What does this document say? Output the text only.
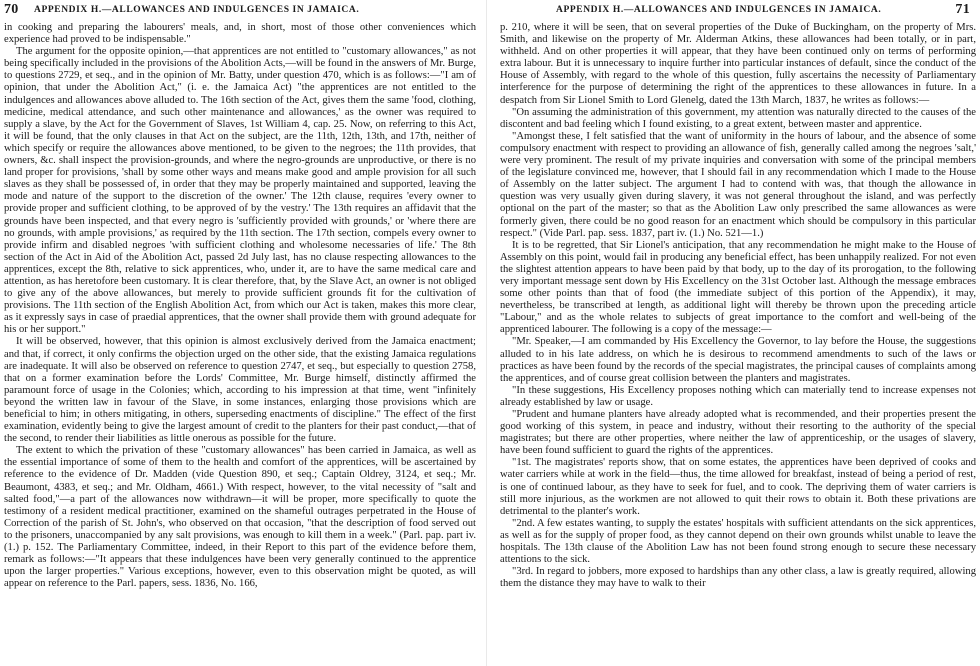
70 APPENDIX H.—ALLOWANCES AND INDULGENCES IN JAMAICA.

in cooking and preparing the labourers' meals, and, in short, most of those other conveniences which experience had proved to be indispensable."

The argument for the opposite opinion,—that apprentices are not entitled to "customary allowances," as not being specifically included in the provisions of the Abolition Acts,—will be found in the answers of Mr. Burge, to questions 2729, et seq., and in the opinion of Mr. Batty, under question 470, which is as follows:—"I am of opinion, that under the Abolition Act," (i. e. the Jamaica Act) "the apprentices are not entitled to the indulgences and allowances above alluded to. The 16th section of the Act, gives them the same 'food, clothing, medicine, medical attendance, and such other maintenance and allowances,' as the owner was required to supply a slave, by the Act for the Government of Slaves, 1st William 4, cap. 25. Now, on referring to this Act, it will be found, that the only clauses in that Act on the subject, are the 11th, 12th, 13th, and 17th, neither of which specify or require the allowances above mentioned, to be given to the negroes; the 11th provides, that owners, &c. shall inspect the provision-grounds, and where the negro-grounds are unproductive, or there is no land proper for provisions, 'shall by some other ways and means make good and ample provision for all such slaves as they shall be possessed of, in order that they may be properly maintained and supported, leaving the mode and nature of the support to the discretion of the owner.' The 12th clause, requires 'every owner to provide proper and sufficient clothing, to be approved of by the vestry.' The 13th requires an affidavit that the grounds have been inspected, and that every negro is 'sufficiently provided with grounds,' or 'where there are no grounds, with ample provisions,' as required by the 11th section. The 17th section, compels every owner to provide infirm and disabled negroes 'with sufficient clothing and wholesome necessaries of life.' The 8th section of the Act in Aid of the Abolition Act, passed 2d July last, has no clause respecting allowances to the apprentices, except the 8th, relative to sick apprentices, who, under it, are to have the same medical care and attention, as has heretofore been customary. It is clear therefore, that, by the Slave Act, an owner is not obliged to give any of the above allowances, but merely to provide sufficient grounds fit for the cultivation of provisions. The 11th section of the English Abolition Act, from which our Act is taken, makes this more clear, as it expressly says in case of praedial apprentices, that the owner shall provide them with ground adequate for his or her support."

It will be observed, however, that this opinion is almost exclusively derived from the Jamaica enactment; and that, if correct, it only confirms the objection urged on the other side, that the existing Jamaica regulations are inadequate. It will also be observed on reference to question 2747, et seq., but especially to question 2758, that on a former examination before the Lords' Committee, Mr. Burge himself, distinctly affirmed the paramount force of usage in the Colonies; which, according to his impression at that time, went "infinitely beyond the written law in favour of the Slave, in some instances, enlarging those provisions which are beneficial to him; in others mitigating, in others, superseding enactments of discipline." The effect of the first examination, evidently being to give the largest amount of credit to the planters for their past conduct,—that of the second, to render their liabilities as little onerous as possible for the future.

The extent to which the privation of these "customary allowances" has been carried in Jamaica, as well as the essential importance of some of them to the health and comfort of the apprentices, will be ascertained by reference to the evidence of Dr. Madden (vide Question 890, et seq.; Captain Oldrey, 3124, et seq.; Mr. Beaumont, 4383, et seq.; and Mr. Oldham, 4661.) With respect, however, to the vital necessity of "salt and salted food,"—a part of the allowances now withdrawn—it will be proper, more specifically to quote the testimony of a resident medical practitioner, examined on the shameful outrages perpetrated in the House of Correction of the parish of St. John's, who observed on that occasion, "that the description of food served out to the prisoners, unaccompanied by any salt provisions, was enough to kill them in a week." (Parl. pap. part iv. (1.) p. 152. The Parliamentary Committee, indeed, in their Report to this part of the evidence before them, remark as follows:—"It appears that these indulgences have been very generally continued to the apprentice upon the larger properties." Various exceptions, however, even to this observation might be quoted, as will appear on reference to the Parl. papers, sess. 1836, No. 166,

APPENDIX H.—ALLOWANCES AND INDULGENCES IN JAMAICA.	71

p. 210, where it will be seen, that on several properties of the Duke of Buckingham, on the property of Mrs. Smith, and likewise on the property of Mr. Alderman Atkins, these allowances had been totally, or in part, withheld. And on other properties it will appear, that they have been continued only on terms of performing extra labour. But it is unnecessary to inquire further into particular instances of default, since the conduct of the House of Assembly, with regard to the whole of this question, fully ascertains the necessity of Parliamentary interference for the purpose of determining the right of the apprentices to these allowances in future. In a despatch from Sir Lionel Smith to Lord Glenelg, dated the 13th March, 1837, he writes as follows:—

"On assuming the administration of this government, my attention was naturally directed to the causes of the discontent and bad feeling which I found existing, to a great extent, between master and apprentice.

"Amongst these, I felt satisfied that the want of uniformity in the hours of labour, and the absence of some compulsory enactment with respect to providing an allowance of fish, generally called among the negroes 'salt,' were very prominent. The result of my private inquiries and conversation with some of the principal members of the legislature convinced me, however, that I should fail in any recommendation which I made to the House of Assembly on the latter subject. The argument I had to contend with was, that though the allowance in question was very usually given during slavery, it was not general throughout the island, and was perfectly optional on the part of the master; so that as the Abolition Law only prescribed the same allowances as were formerly given, there could be no good reason for an enactment which should be compulsory in this particular respect." (Vide Parl. pap. sess. 1837, part iv. (1.) No. 521—1.)

It is to be regretted, that Sir Lionel's anticipation, that any recommendation he might make to the House of Assembly on this point, would fail in producing any beneficial effect, has been unhappily realized. For not even the slightest attention appears to have been paid by that body, up to the day of its prorogation, to the following very important message sent down by His Excellency on the 31st October last. Although the message embraces some other points than that of food (the immediate subject of this portion of the Appendix), it may, nevertheless, be transcribed at length, as additional light will thereby be thrown upon the preceding article "Labour," and as the whole relates to subjects of great importance to the comfort and well-being of the apprenticed labourer. The following is a copy of the message:—

"Mr. Speaker,—I am commanded by His Excellency the Governor, to lay before the House, the suggestions alluded to in his late address, on which he is desirous to recommend amendments to such of the laws or practices as have been found by the records of the special magistrates, the principal causes of complaints among the apprentices, and of course great collision between the planters and magistrates.

"In these suggestions, His Excellency proposes nothing which can materially tend to increase expenses not already established by law or usage.

"Prudent and humane planters have already adopted what is recommended, and their properties present the good working of this system, in peace and industry, without their resorting to the authority of the special magistrates; but there are other properties, where neither the law of apprenticeship, or the usages of slavery, have been found sufficient to guard the rights of the apprentices.

"1st. The magistrates' reports show, that on some estates, the apprentices have been deprived of cooks and water carriers while at work in the field—thus, the time allowed for breakfast, instead of being a period of rest, is one of continued labour, as they have to seek for fuel, and to cook. The depriving them of water carriers is still more injurious, as the workmen are not allowed to quit their rows to obtain it. Both these privations are detrimental to the planter's work.

"2nd. A few estates wanting, to supply the estates' hospitals with sufficient attendants on the sick apprentices, as well as for the supply of proper food, as they cannot depend on their own grounds whilst unable to leave the hospitals. The 13th clause of the Abolition Law has not been found strong enough to secure these necessary attentions to the sick.

"3rd. In regard to jobbers, more exposed to hardships than any other class, a law is greatly required, allowing them the distance they may have to walk to their
